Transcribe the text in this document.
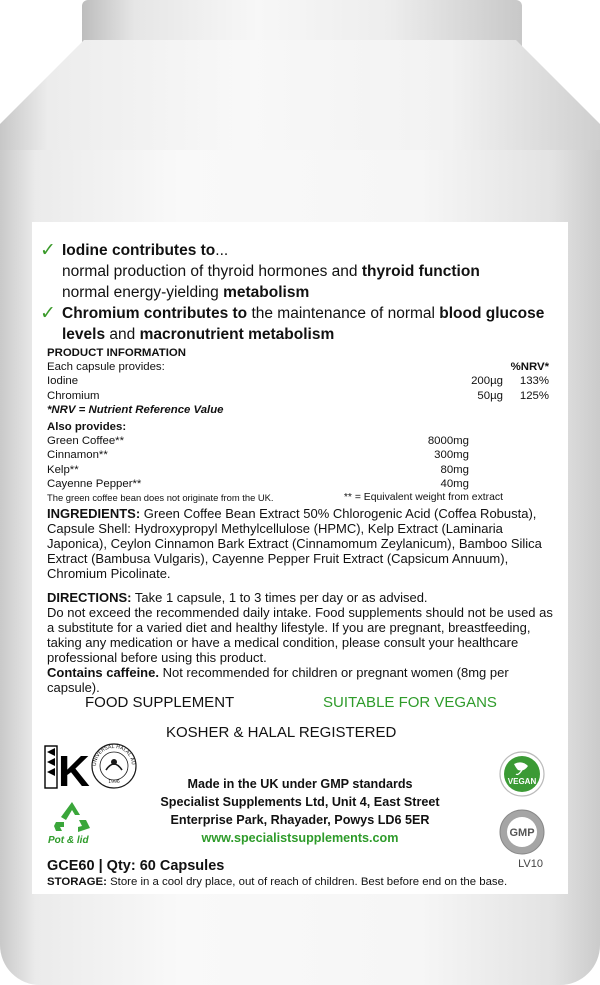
✓ Iodine contributes to...
normal production of thyroid hormones and thyroid function
normal energy-yielding metabolism
✓ Chromium contributes to the maintenance of normal blood glucose levels and macronutrient metabolism
PRODUCT INFORMATION
Each capsule provides:	%NRV*
Iodine	200µg	133%
Chromium	50µg	125%
*NRV = Nutrient Reference Value
Also provides:
Green Coffee**	8000mg
Cinnamon**	300mg
Kelp**	80mg
Cayenne Pepper**	40mg
The green coffee bean does not originate from the UK.	** = Equivalent weight from extract
INGREDIENTS: Green Coffee Bean Extract 50% Chlorogenic Acid (Coffea Robusta), Capsule Shell: Hydroxypropyl Methylcellulose (HPMC), Kelp Extract (Laminaria Japonica), Ceylon Cinnamon Bark Extract (Cinnamomum Zeylanicum), Bamboo Silica Extract (Bambusa Vulgaris), Cayenne Pepper Fruit Extract (Capsicum Annuum), Chromium Picolinate.
DIRECTIONS: Take 1 capsule, 1 to 3 times per day or as advised.
Do not exceed the recommended daily intake. Food supplements should not be used as a substitute for a varied diet and healthy lifestyle. If you are pregnant, breastfeeding, taking any medication or have a medical condition, please consult your healthcare professional before using this product.
Contains caffeine. Not recommended for children or pregnant women (8mg per capsule).
FOOD SUPPLEMENT	SUITABLE FOR VEGANS
KOSHER & HALAL REGISTERED
K UNIVERSAL HALAL AU
1996
Pot & lid
Made in the UK under GMP standards
Specialist Supplements Ltd, Unit 4, East Street
Enterprise Park, Rhayader, Powys LD6 5ER
www.specialistsupplements.com
VEGAN
GMP
GCE60 | Qty: 60 Capsules	LV10
STORAGE: Store in a cool dry place, out of reach of children. Best before end on the base.
